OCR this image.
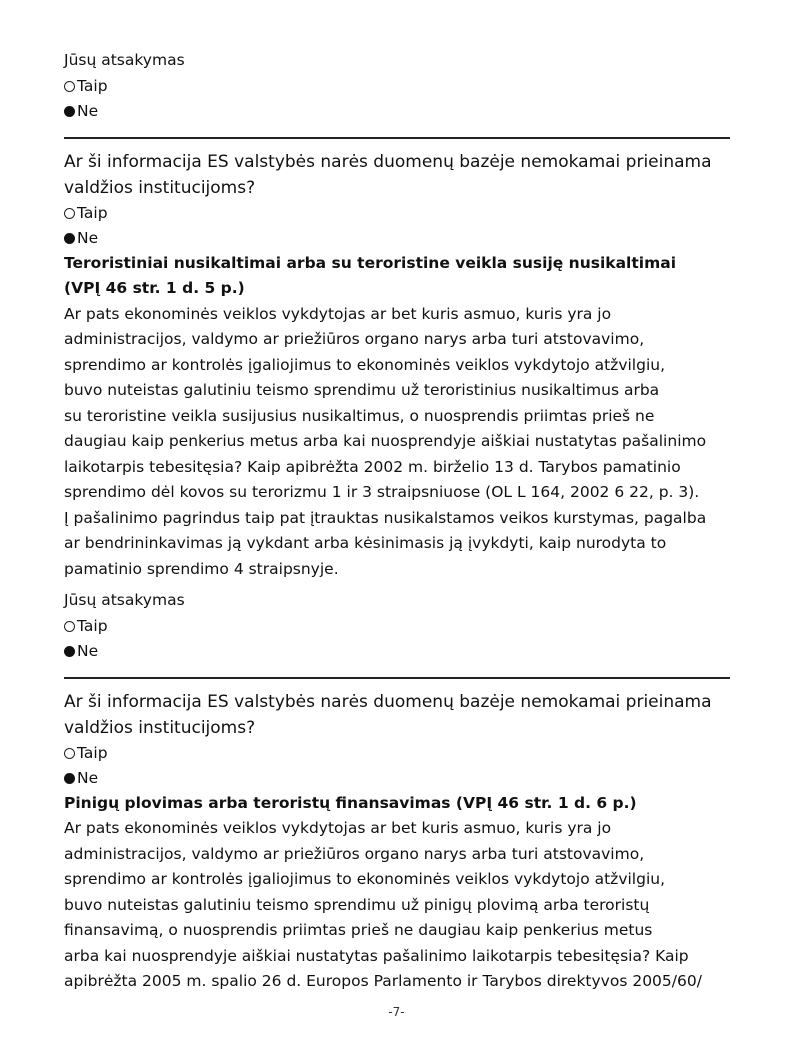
Jūsų atsakymas
Taip
Ne
Ar ši informacija ES valstybės narės duomenų bazėje nemokamai prieinama
valdžios institucijoms?
Taip
Ne
Teroristiniai nusikaltimai arba su teroristine veikla susiję nusikaltimai
(VPĮ 46 str. 1 d. 5 p.)
Ar pats ekonominės veiklos vykdytojas ar bet kuris asmuo, kuris yra jo
administracijos, valdymo ar priežiūros organo narys arba turi atstovavimo,
sprendimo ar kontrolės įgaliojimus to ekonominės veiklos vykdytojo atžvilgiu,
buvo nuteistas galutiniu teismo sprendimu už teroristinius nusikaltimus arba
su teroristine veikla susijusius nusikaltimus, o nuosprendis priimtas prieš ne
daugiau kaip penkerius metus arba kai nuosprendyje aiškiai nustatytas pašalinimo
laikotarpis tebesitęsia? Kaip apibrėžta 2002 m. birželio 13 d. Tarybos pamatinio
sprendimo dėl kovos su terorizmu 1 ir 3 straipsniuose (OL L 164, 2002 6 22, p. 3).
Į pašalinimo pagrindus taip pat įtrauktas nusikalstamos veikos kurstymas, pagalba
ar bendrininkavimas ją vykdant arba kėsinimasis ją įvykdyti, kaip nurodyta to
pamatinio sprendimo 4 straipsnyje.
Jūsų atsakymas
Taip
Ne
Ar ši informacija ES valstybės narės duomenų bazėje nemokamai prieinama
valdžios institucijoms?
Taip
Ne
Pinigų plovimas arba teroristų finansavimas (VPĮ 46 str. 1 d. 6 p.)
Ar pats ekonominės veiklos vykdytojas ar bet kuris asmuo, kuris yra jo
administracijos, valdymo ar priežiūros organo narys arba turi atstovavimo,
sprendimo ar kontrolės įgaliojimus to ekonominės veiklos vykdytojo atžvilgiu,
buvo nuteistas galutiniu teismo sprendimu už pinigų plovimą arba teroristų
finansavimą, o nuosprendis priimtas prieš ne daugiau kaip penkerius metus
arba kai nuosprendyje aiškiai nustatytas pašalinimo laikotarpis tebesitęsia? Kaip
apibrėžta 2005 m. spalio 26 d. Europos Parlamento ir Tarybos direktyvos 2005/60/
-7-
